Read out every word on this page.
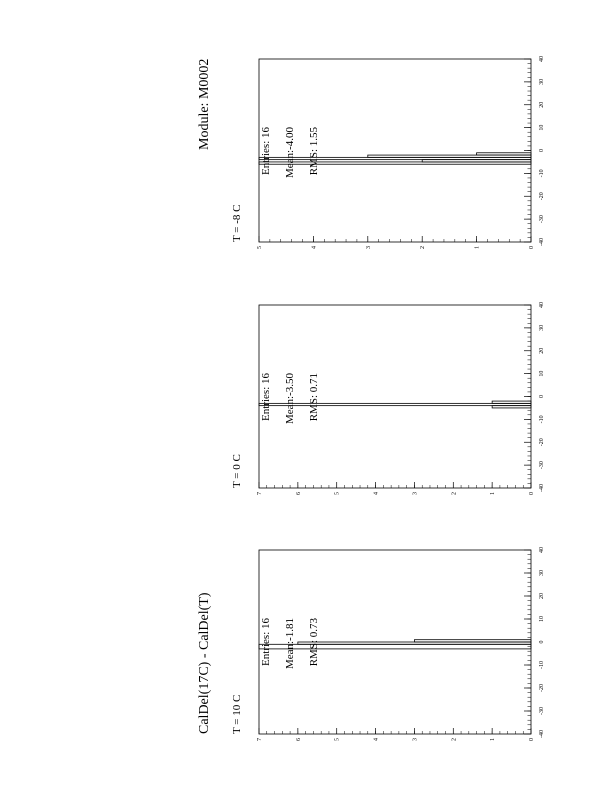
CalDel(17C) - CalDel(T)
Module: M0002
T = 10 C
Entries: 16 Mean:-1.81 RMS: 0.73
0
1
2
3
4
5
6
7
-40
-30
-20
-10
0
10
20
30
40
T = 0 C
Entries: 16 Mean:-3.50 RMS: 0.71
0
1
2
3
4
5
6
7
-40
-30
-20
-10
0
10
20
30
40
T = -8 C
Entries: 16 Mean:-4.00 RMS: 1.55
0
1
2
3
4
5
-40
-30
-20
-10
0
10
20
30
40
